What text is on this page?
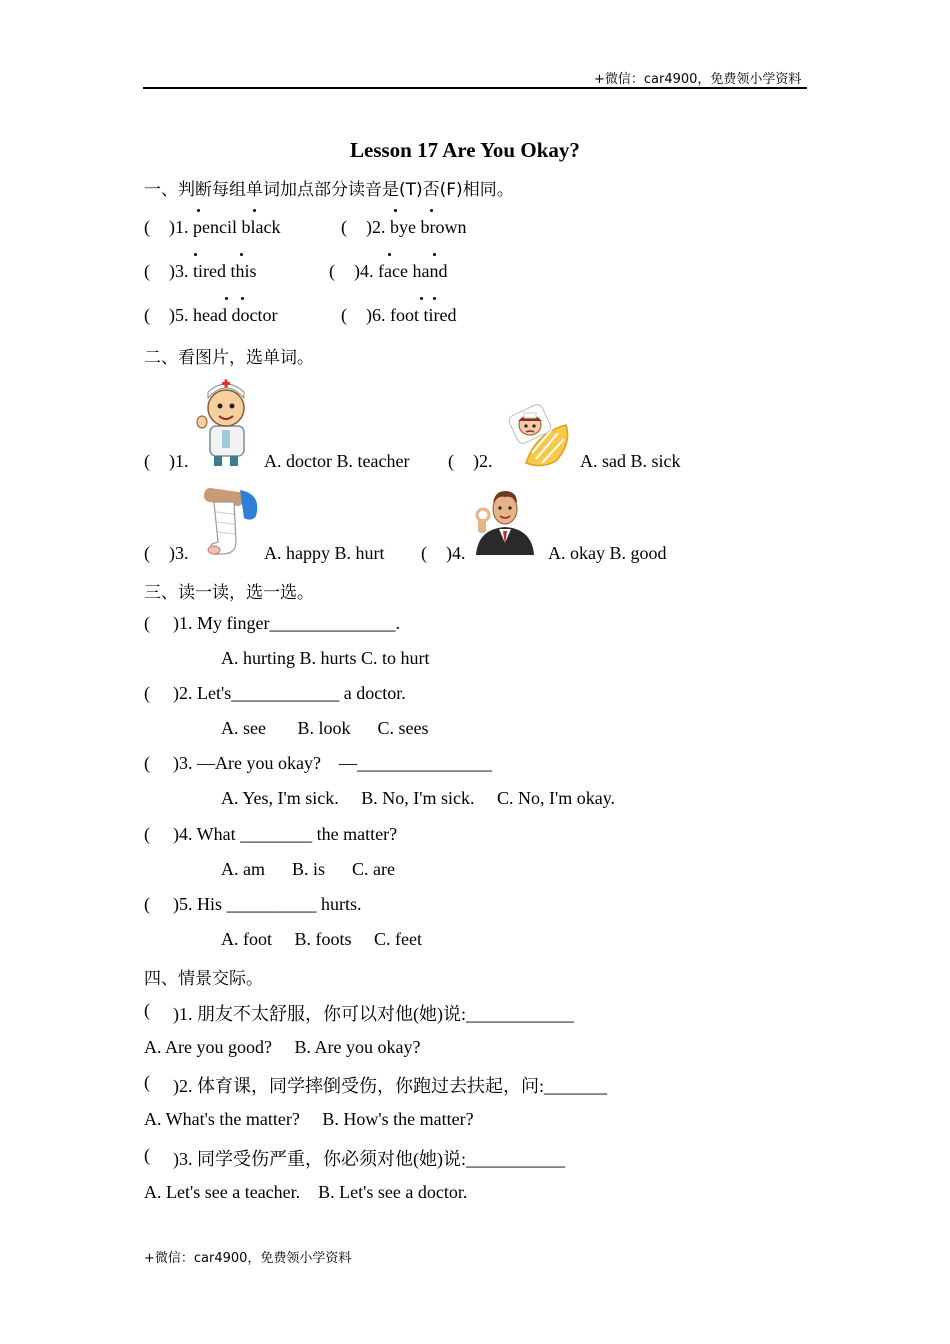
+微信：car4900，免费领小学资料
Lesson 17 Are You Okay?
一、判断每组单词加点部分读音是(T)否(F)相同。
( )1. pencil black	( )2. bye brown
( )3. tired this	( )4. face hand
( )5. head doctor	( )6. foot tired
二、看图片，选单词。
( )1.	A. doctor B. teacher ( )2.	A. sad B. sick
( )3.	A. happy B. hurt ( )4.	A. okay B. good
三、读一读，选一选。
( )1. My finger______________.
A. hurting B. hurts C. to hurt
( )2. Let's____________ a doctor.
A. see       B. look      C. sees
( )3. —Are you okay?    —_______________
A. Yes, I'm sick.     B. No, I'm sick.     C. No, I'm okay.
( )4. What ________ the matter?
A. am      B. is      C. are
( )5. His __________ hurts.
A. foot     B. foots     C. feet
四、情景交际。
( )1. 朋友不太舒服，你可以对他(她)说:____________
A. Are you good?     B. Are you okay?
( )2. 体育课，同学摔倒受伤，你跑过去扶起，问:_______
A. What's the matter?     B. How's the matter?
( )3. 同学受伤严重，你必须对他(她)说:___________
A. Let's see a teacher.    B. Let's see a doctor.
+微信：car4900，免费领小学资料
